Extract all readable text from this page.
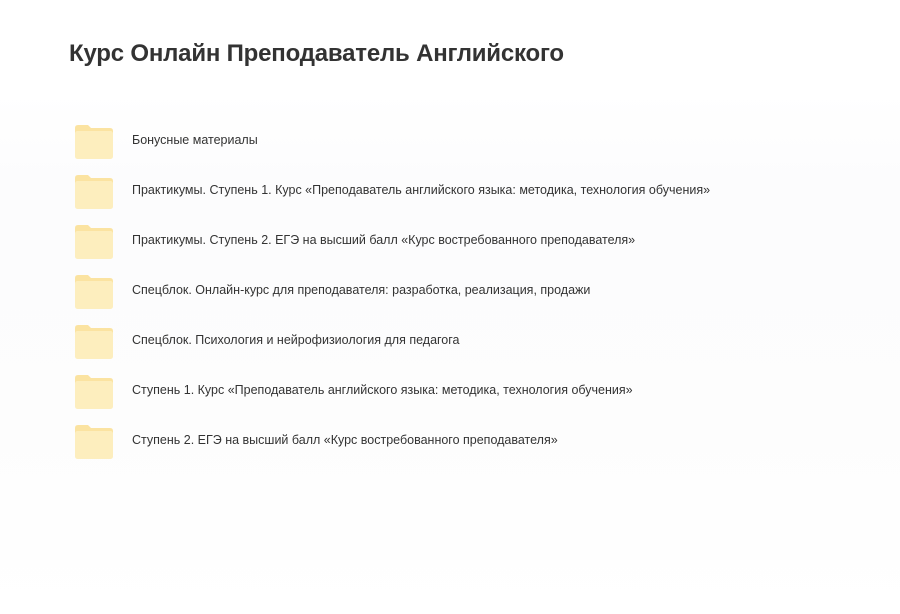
Курс Онлайн Преподаватель Английского
Бонусные материалы
Практикумы. Ступень 1. Курс «Преподаватель английского языка: методика, технология обучения»
Практикумы. Ступень 2. ЕГЭ на высший балл «Курс востребованного преподавателя»
Спецблок. Онлайн-курс для преподавателя: разработка, реализация, продажи
Спецблок. Психология и нейрофизиология для педагога
Ступень 1. Курс «Преподаватель английского языка: методика, технология обучения»
Ступень 2. ЕГЭ на высший балл «Курс востребованного преподавателя»
